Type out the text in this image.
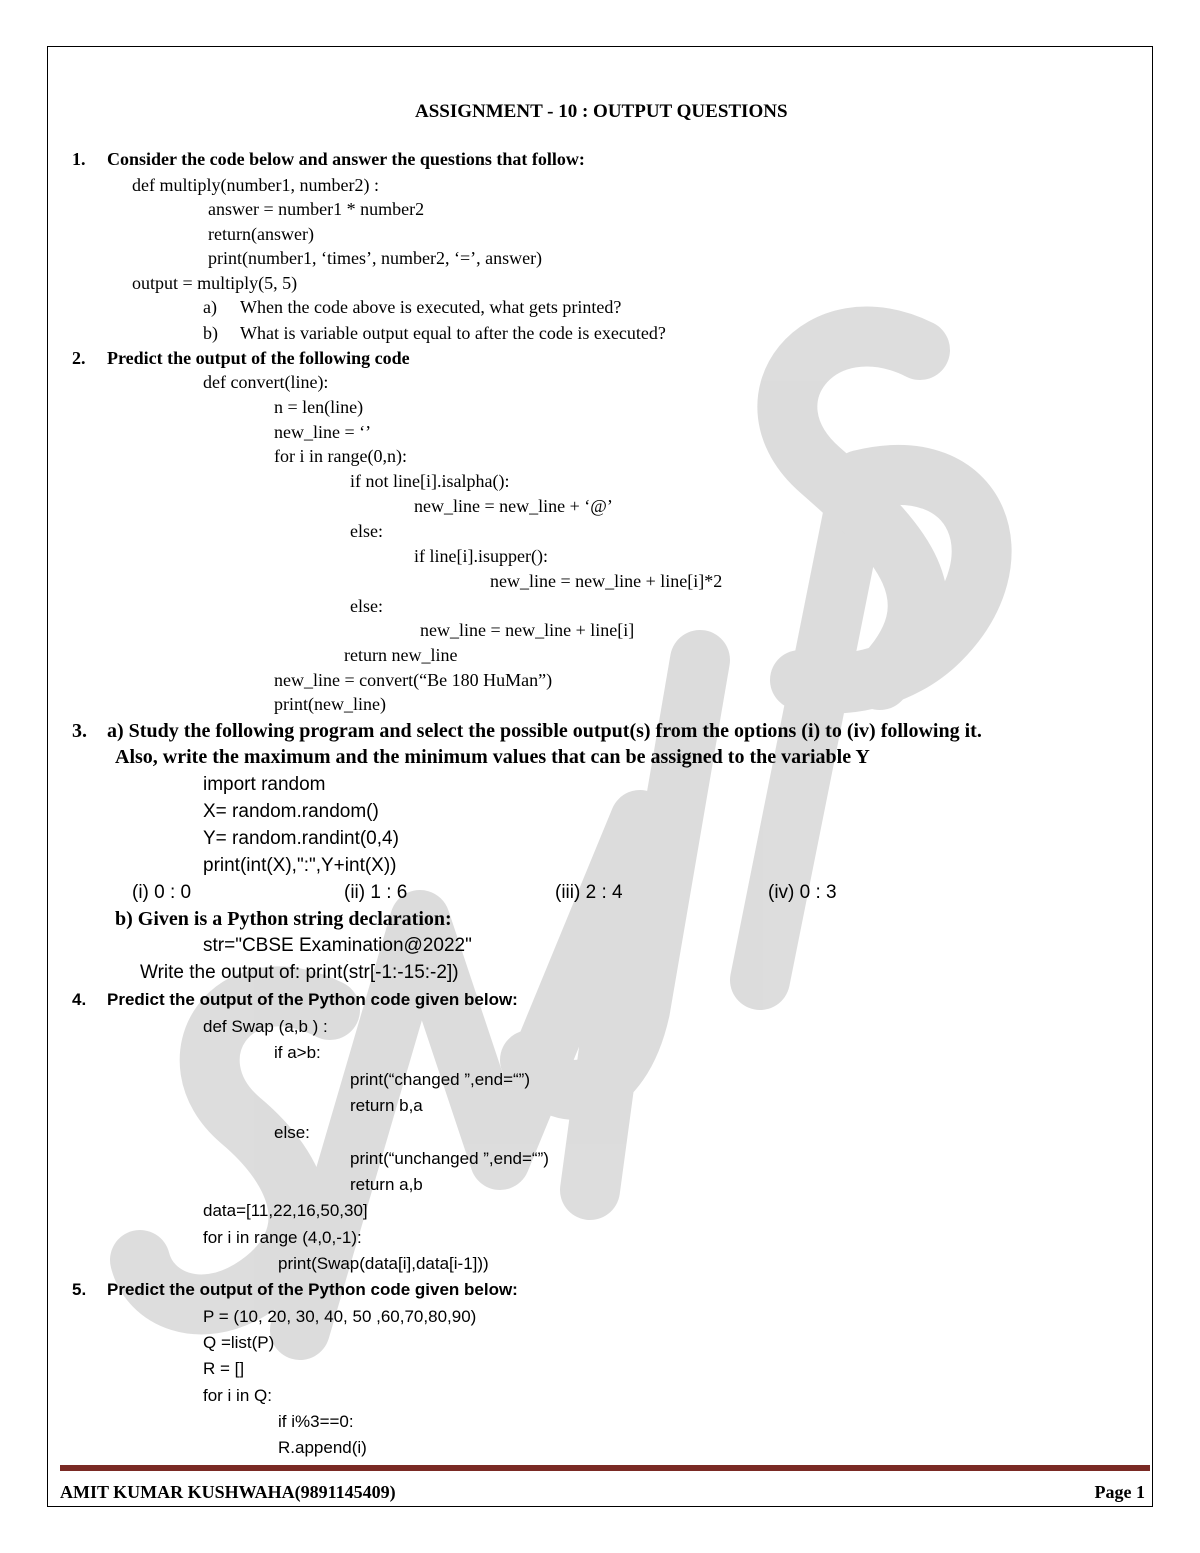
ASSIGNMENT - 10 : OUTPUT QUESTIONS
1. Consider the code below and answer the questions that follow:
def multiply(number1, number2) :
answer = number1 * number2
return(answer)
print(number1, ‘times’, number2, ‘=’, answer)
output = multiply(5, 5)
a) When the code above is executed, what gets printed?
b) What is variable output equal to after the code is executed?
2. Predict the output of the following code
def convert(line):
n = len(line)
new_line = ‘’
for i in range(0,n):
if not line[i].isalpha():
new_line = new_line + ‘@’
else:
if line[i].isupper():
new_line = new_line + line[i]*2
else:
new_line = new_line + line[i]
return new_line
new_line = convert(“Be 180 HuMan”)
print(new_line)
3. a) Study the following program and select the possible output(s) from the options (i) to (iv) following it.
Also, write the maximum and the minimum values that can be assigned to the variable Y
import random
X= random.random()
Y= random.randint(0,4)
print(int(X),":",Y+int(X))
(i) 0 : 0	(ii) 1 : 6	(iii) 2 : 4	(iv) 0 : 3
b) Given is a Python string declaration:
str="CBSE Examination@2022"
Write the output of: print(str[-1:-15:-2])
4. Predict the output of the Python code given below:
def Swap (a,b ) :
if a>b:
print(“changed ”,end=“”)
return b,a
else:
print(“unchanged ”,end=“”)
return a,b
data=[11,22,16,50,30]
for i in range (4,0,-1):
print(Swap(data[i],data[i-1]))
5. Predict the output of the Python code given below:
P = (10, 20, 30, 40, 50 ,60,70,80,90)
Q =list(P)
R = []
for i in Q:
if i%3==0:
R.append(i)
AMIT KUMAR KUSHWAHA(9891145409)	Page 1
